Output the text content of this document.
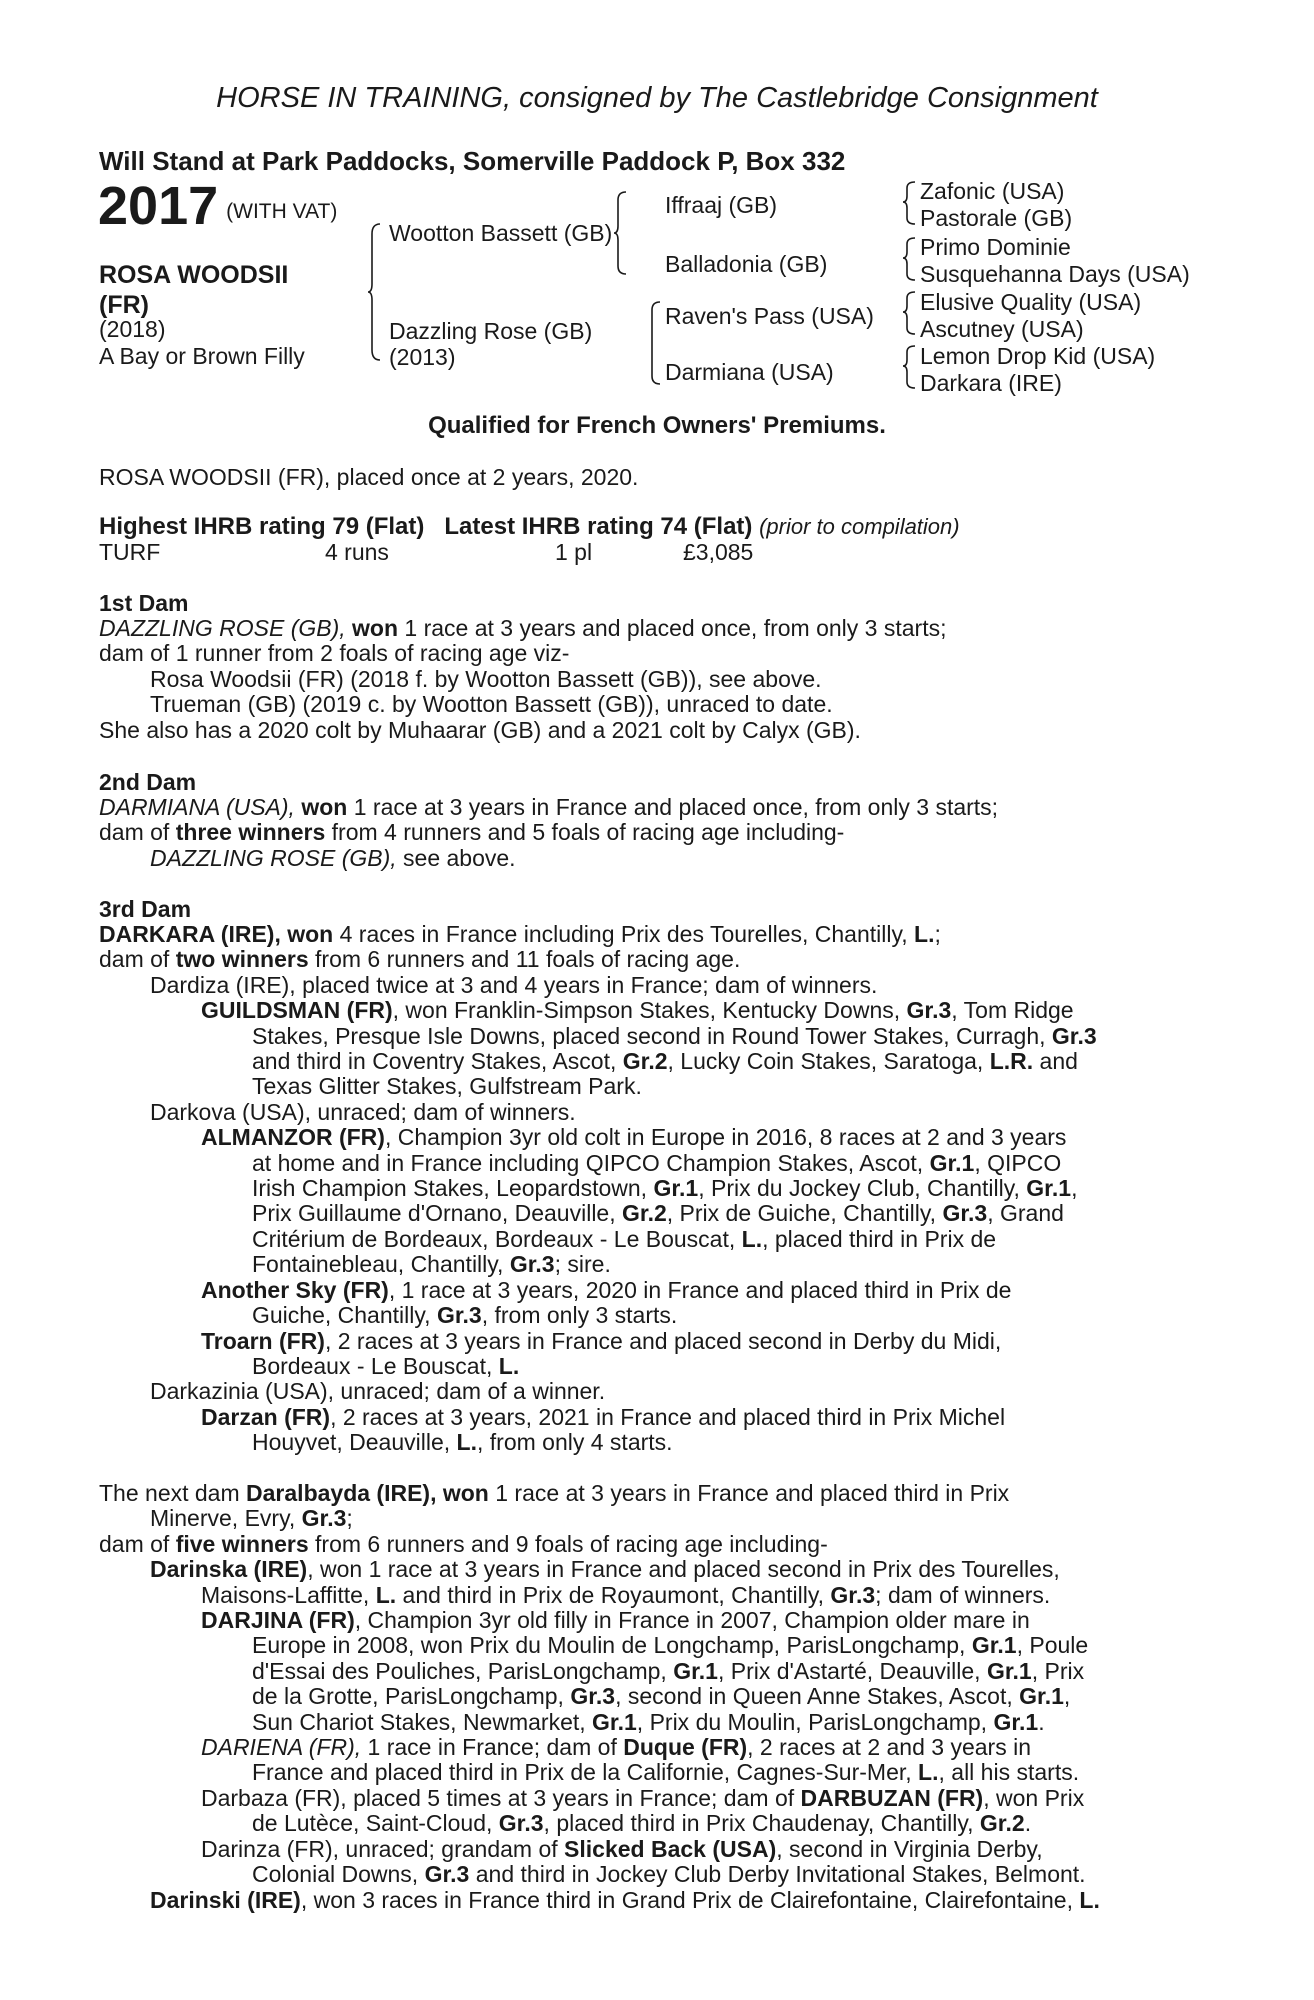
HORSE IN TRAINING, consigned by The Castlebridge Consignment
Will Stand at Park Paddocks, Somerville Paddock P, Box 332
2017 (WITH VAT)
ROSA WOODSII
(FR)
(2018)
A Bay or Brown Filly
Wootton Bassett (GB)
Dazzling Rose (GB)
(2013)
Iffraaj (GB)
Balladonia (GB)
Raven's Pass (USA)
Darmiana (USA)
Zafonic (USA)
Pastorale (GB)
Primo Dominie
Susquehanna Days (USA)
Elusive Quality (USA)
Ascutney (USA)
Lemon Drop Kid (USA)
Darkara (IRE)
Qualified for French Owners' Premiums.
ROSA WOODSII (FR), placed once at 2 years, 2020.
Highest IHRB rating 79 (Flat) Latest IHRB rating 74 (Flat) (prior to compilation)
TURF	4 runs	1 pl	£3,085

1st Dam

DAZZLING ROSE (GB), won 1 race at 3 years and placed once, from only 3 starts;

dam of 1 runner from 2 foals of racing age viz-

Rosa Woodsii (FR) (2018 f. by Wootton Bassett (GB)), see above.

Trueman (GB) (2019 c. by Wootton Bassett (GB)), unraced to date.

She also has a 2020 colt by Muhaarar (GB) and a 2021 colt by Calyx (GB).

2nd Dam

DARMIANA (USA), won 1 race at 3 years in France and placed once, from only 3 starts;

dam of three winners from 4 runners and 5 foals of racing age including-

DAZZLING ROSE (GB), see above.

3rd Dam

DARKARA (IRE), won 4 races in France including Prix des Tourelles, Chantilly, L.;

dam of two winners from 6 runners and 11 foals of racing age.

Dardiza (IRE), placed twice at 3 and 4 years in France; dam of winners.

GUILDSMAN (FR), won Franklin-Simpson Stakes, Kentucky Downs, Gr.3, Tom Ridge

Stakes, Presque Isle Downs, placed second in Round Tower Stakes, Curragh, Gr.3

and third in Coventry Stakes, Ascot, Gr.2, Lucky Coin Stakes, Saratoga, L.R. and

Texas Glitter Stakes, Gulfstream Park.

Darkova (USA), unraced; dam of winners.

ALMANZOR (FR), Champion 3yr old colt in Europe in 2016, 8 races at 2 and 3 years

at home and in France including QIPCO Champion Stakes, Ascot, Gr.1, QIPCO

Irish Champion Stakes, Leopardstown, Gr.1, Prix du Jockey Club, Chantilly, Gr.1,

Prix Guillaume d'Ornano, Deauville, Gr.2, Prix de Guiche, Chantilly, Gr.3, Grand

Critérium de Bordeaux, Bordeaux - Le Bouscat, L., placed third in Prix de

Fontainebleau, Chantilly, Gr.3; sire.

Another Sky (FR), 1 race at 3 years, 2020 in France and placed third in Prix de

Guiche, Chantilly, Gr.3, from only 3 starts.

Troarn (FR), 2 races at 3 years in France and placed second in Derby du Midi,

Bordeaux - Le Bouscat, L.

Darkazinia (USA), unraced; dam of a winner.

Darzan (FR), 2 races at 3 years, 2021 in France and placed third in Prix Michel

Houyvet, Deauville, L., from only 4 starts.

The next dam Daralbayda (IRE), won 1 race at 3 years in France and placed third in Prix

Minerve, Evry, Gr.3;

dam of five winners from 6 runners and 9 foals of racing age including-

Darinska (IRE), won 1 race at 3 years in France and placed second in Prix des Tourelles,

Maisons-Laffitte, L. and third in Prix de Royaumont, Chantilly, Gr.3; dam of winners.

DARJINA (FR), Champion 3yr old filly in France in 2007, Champion older mare in

Europe in 2008, won Prix du Moulin de Longchamp, ParisLongchamp, Gr.1, Poule

d'Essai des Pouliches, ParisLongchamp, Gr.1, Prix d'Astarté, Deauville, Gr.1, Prix

de la Grotte, ParisLongchamp, Gr.3, second in Queen Anne Stakes, Ascot, Gr.1,

Sun Chariot Stakes, Newmarket, Gr.1, Prix du Moulin, ParisLongchamp, Gr.1.

DARIENA (FR), 1 race in France; dam of Duque (FR), 2 races at 2 and 3 years in

France and placed third in Prix de la Californie, Cagnes-Sur-Mer, L., all his starts.

Darbaza (FR), placed 5 times at 3 years in France; dam of DARBUZAN (FR), won Prix

de Lutèce, Saint-Cloud, Gr.3, placed third in Prix Chaudenay, Chantilly, Gr.2.

Darinza (FR), unraced; grandam of Slicked Back (USA), second in Virginia Derby,

Colonial Downs, Gr.3 and third in Jockey Club Derby Invitational Stakes, Belmont.

Darinski (IRE), won 3 races in France third in Grand Prix de Clairefontaine, Clairefontaine, L.
